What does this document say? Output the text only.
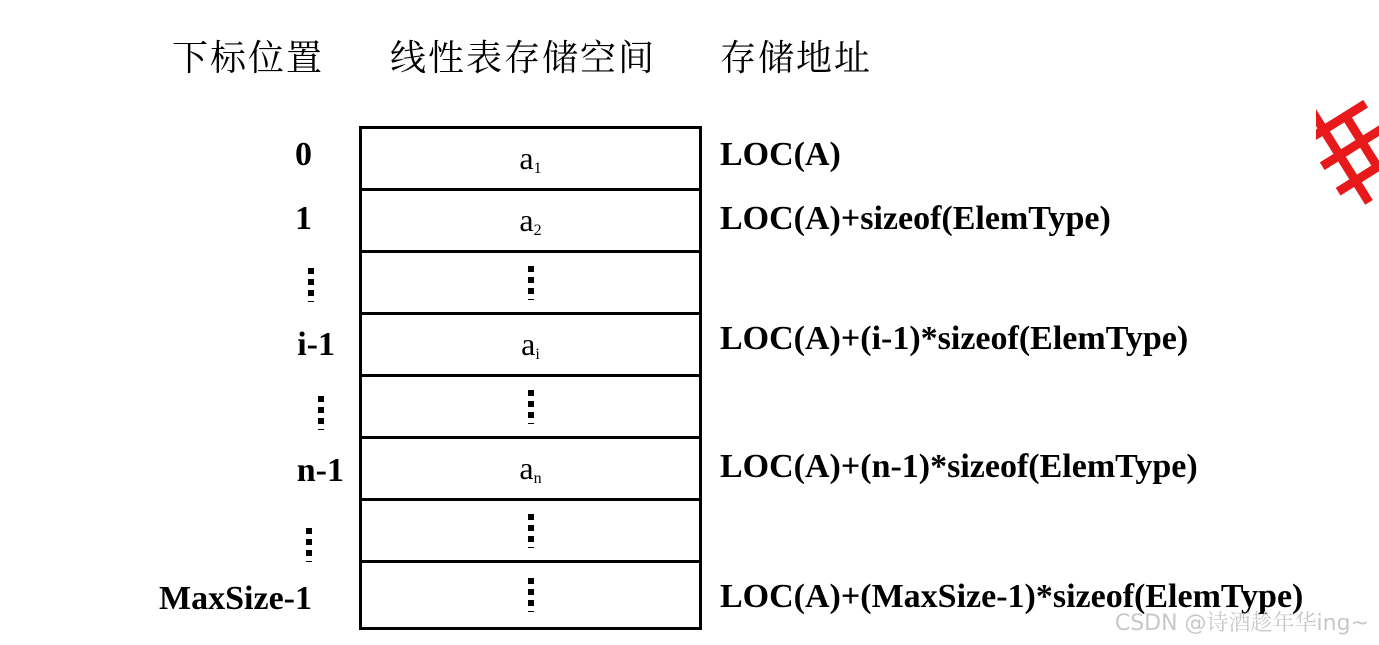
下标位置 线性表存储空间 存储地址
0
1
i-1
n-1
MaxSize-1
$a_1$
$a_2$
$a_i$
$a_n$
LOC(A)
LOC(A)+sizeof(ElemType)
LOC(A)+(i-1)*sizeof(ElemType)
LOC(A)+(n-1)*sizeof(ElemType)
LOC(A)+(MaxSize-1)*sizeof(ElemType)
CSDN @诗酒趁年华ing~
